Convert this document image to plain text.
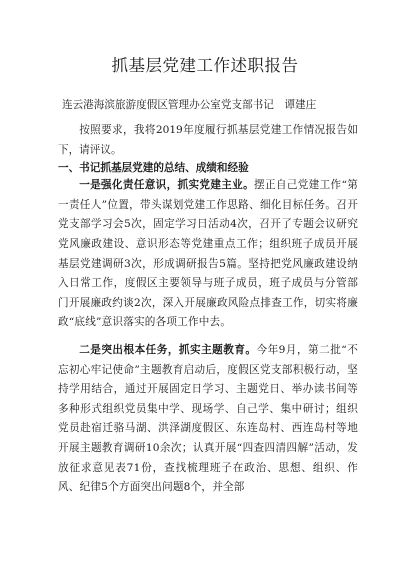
抓基层党建工作述职报告
连云港海滨旅游度假区管理办公室党支部书记　谭建庄

按照要求，我将2019年度履行抓基层党建工作情况报告如下，请评议。

一、书记抓基层党建的总结、成绩和经验

一是强化责任意识，抓实党建主业。摆正自己党建工作“第一责任人”位置，带头谋划党建工作思路、细化目标任务。召开党支部学习会5次，固定学习日活动4次，召开了专题会议研究党风廉政建设、意识形态等党建重点工作；组织班子成员开展基层党建调研3次，形成调研报告5篇。坚持把党风廉政建设纳入日常工作，度假区主要领导与班子成员，班子成员与分管部门开展廉政约谈2次，深入开展廉政风险点排查工作，切实将廉政“底线”意识落实的各项工作中去。

二是突出根本任务，抓实主题教育。今年9月，第二批“不忘初心牢记使命”主题教育启动后，度假区党支部积极行动，坚持学用结合，通过开展固定日学习、主题党日、举办读书间等多种形式组织党员集中学、现场学、自己学、集中研讨；组织党员赴宿迁骆马湖、洪泽湖度假区、东连岛村、西连岛村等地开展主题教育调研10余次；认真开展“四查四清四解”活动，发放征求意见表71份，查找梳理班子在政治、思想、组织、作风、纪律5个方面突出问题8个，并全部
